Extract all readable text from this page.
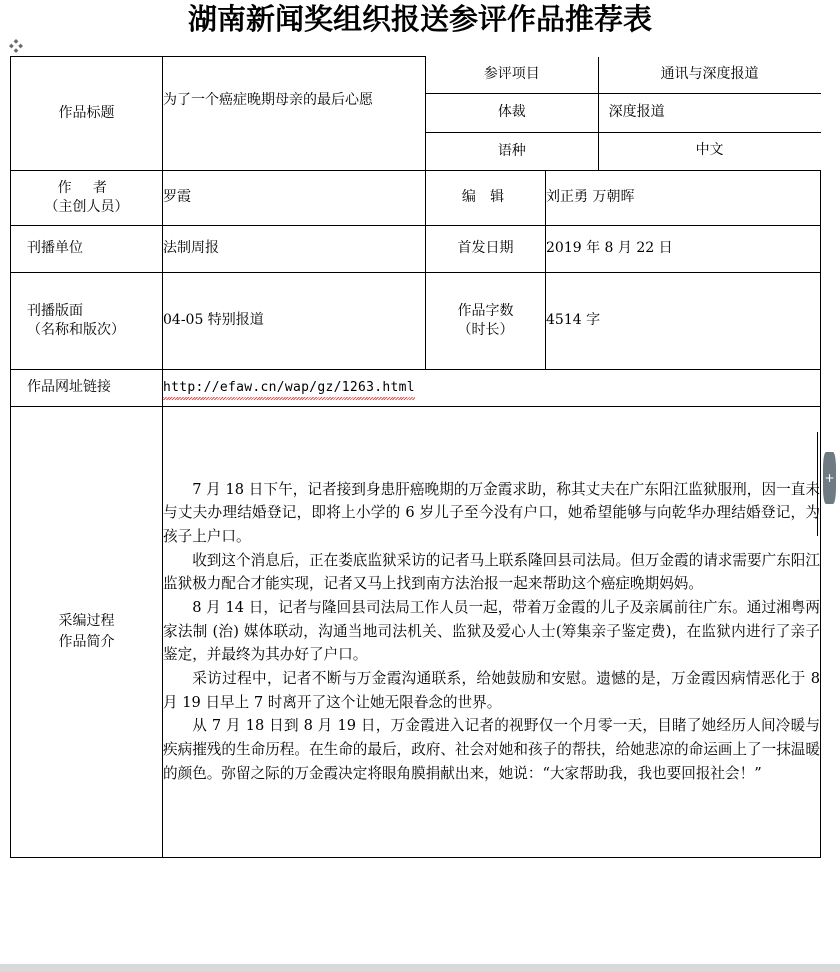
湖南新闻奖组织报送参评作品推荐表
+
作品标题	为了一个癌症晚期母亲的最后心愿	
参评项目	通讯与深度报道
体裁	深度报道
语种	中文

作 者
（主创人员）
	罗霞	编 辑	刘正勇 万朝晖
刊播单位	法制周报	首发日期	2019 年 8 月 22 日

刊播版面
（名称和版次）
	04-05 特别报道	
作品字数
（时长）
	4514 字
作品网址链接	http://efaw.cn/wap/gz/1263.html

采编过程
作品简介

7 月 18 日下午，记者接到身患肝癌晚期的万金霞求助，称其丈夫在广东阳江监狱服刑，因一直未与丈夫办理结婚登记，即将上小学的 6 岁儿子至今没有户口，她希望能够与向乾华办理结婚登记，为孩子上户口。

收到这个消息后，正在娄底监狱采访的记者马上联系隆回县司法局。但万金霞的请求需要广东阳江监狱极力配合才能实现，记者又马上找到南方法治报一起来帮助这个癌症晚期妈妈。

8 月 14 日，记者与隆回县司法局工作人员一起，带着万金霞的儿子及亲属前往广东。通过湘粤两家法制 (治) 媒体联动，沟通当地司法机关、监狱及爱心人士(筹集亲子鉴定费)，在监狱内进行了亲子鉴定，并最终为其办好了户口。

采访过程中，记者不断与万金霞沟通联系，给她鼓励和安慰。遗憾的是，万金霞因病情恶化于 8 月 19 日早上 7 时离开了这个让她无限眷念的世界。

从 7 月 18 日到 8 月 19 日，万金霞进入记者的视野仅一个月零一天，目睹了她经历人间冷暖与疾病摧残的生命历程。在生命的最后，政府、社会对她和孩子的帮扶，给她悲凉的命运画上了一抹温暖的颜色。弥留之际的万金霞决定将眼角膜捐献出来，她说：“大家帮助我，我也要回报社会！”
